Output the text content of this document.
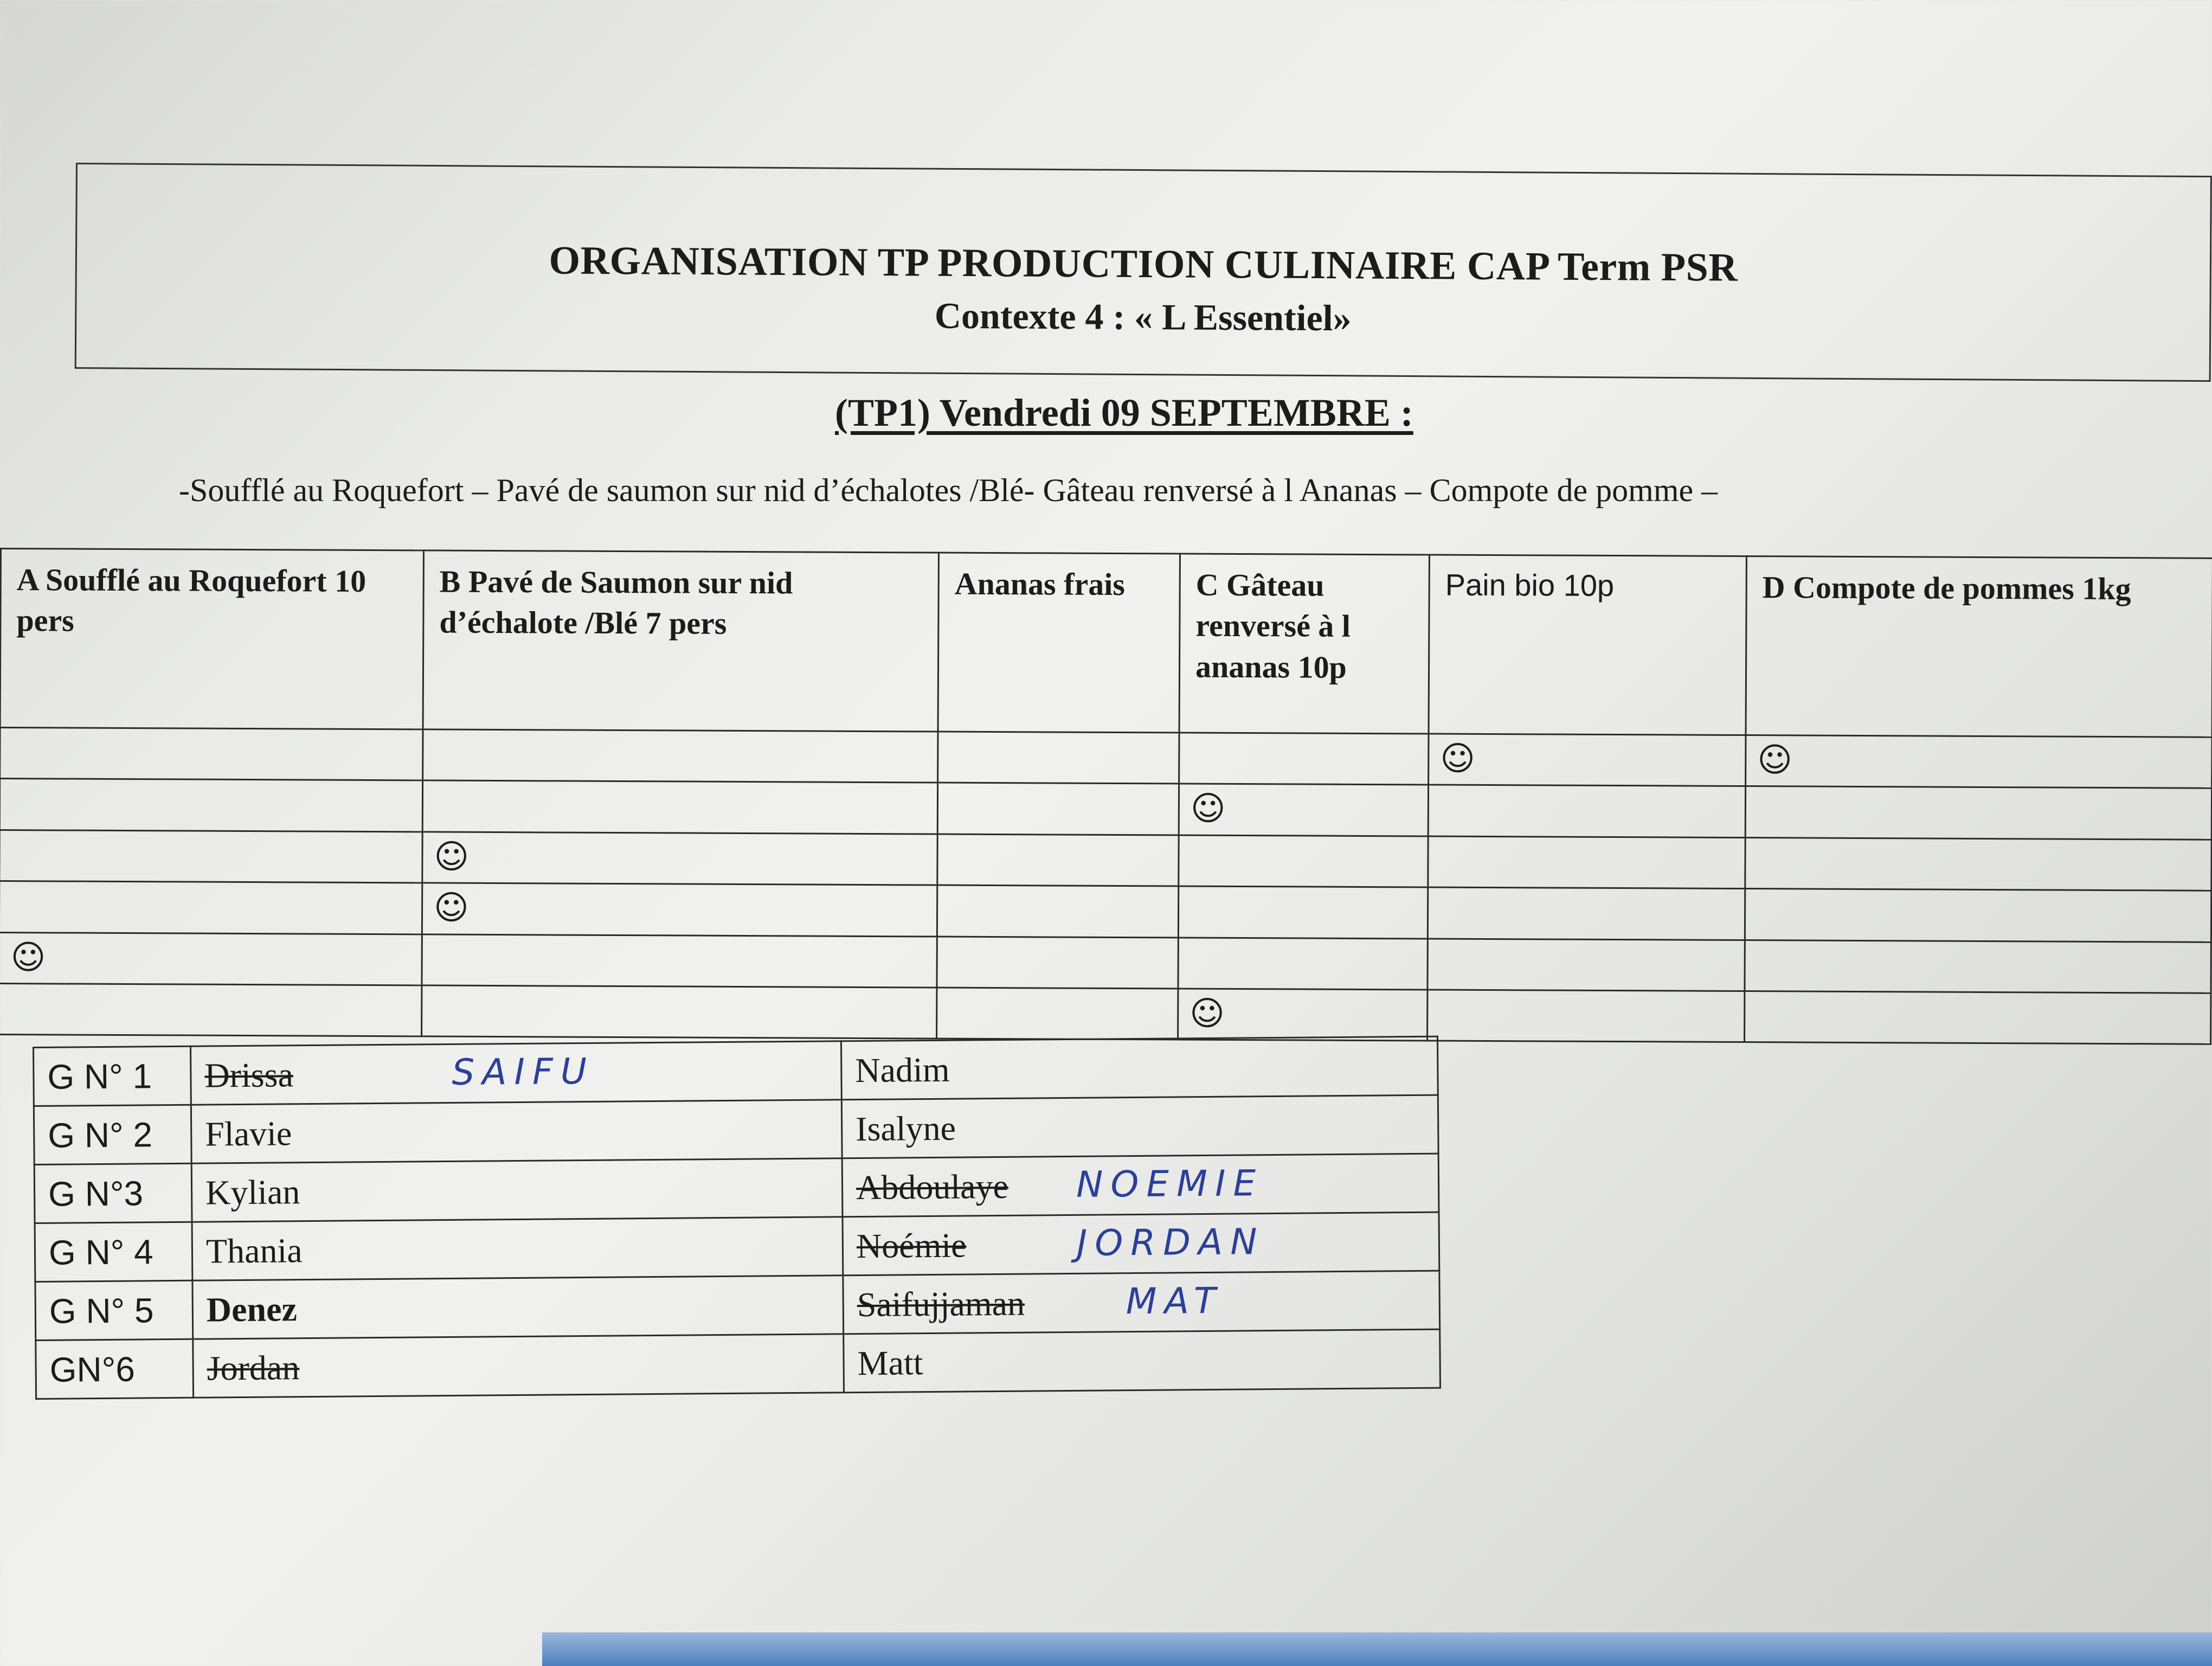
ORGANISATION TP PRODUCTION CULINAIRE CAP Term PSR
Contexte 4 : « L Essentiel»
(TP1) Vendredi 09 SEPTEMBRE :
-Soufflé au Roquefort – Pavé de saumon sur nid d’échalotes /Blé- Gâteau renversé à l Ananas – Compote de pomme –
A Soufflé au Roquefort 10 pers	B Pavé de Saumon sur nid d’échalote /Blé 7 pers	Ananas frais	C Gâteau renversé à l ananas 10p	Pain bio 10p	D Compote de pommes 1kg
				☺	☺
			☺		
	☺				
	☺				
☺					
			☺		
G N° 1	Drissa SAIFU	Nadim
G N° 2	Flavie	Isalyne
G N°3	Kylian	Abdoulaye NOEMIE

G N° 4	Thania	Noémie JORDAN

G N° 5	Denez	Saifujjaman MAT

GN°6	Jordan	Matt
